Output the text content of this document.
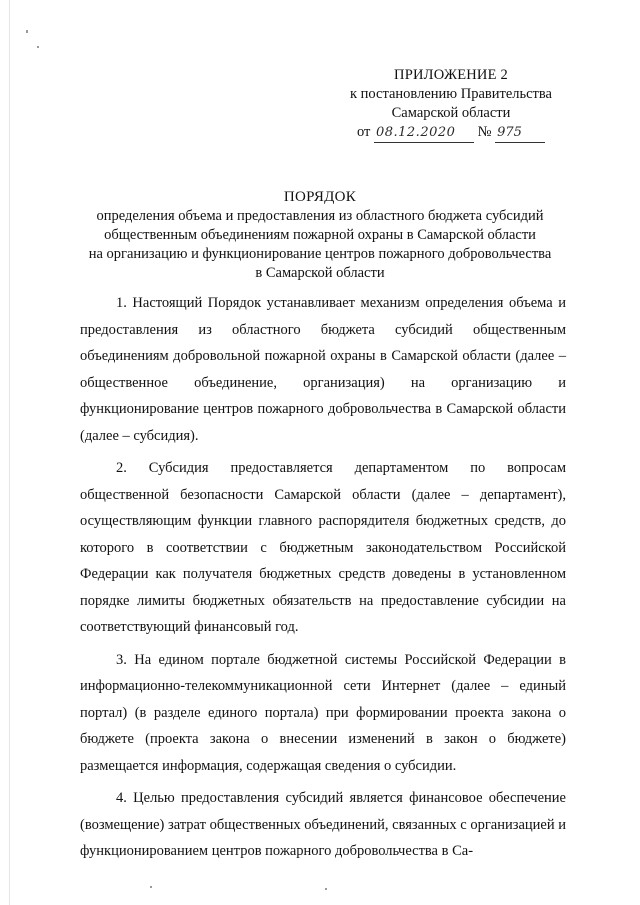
ПРИЛОЖЕНИЕ 2
к постановлению Правительства
Самарской области
от 08.12.2020 № 975
ПОРЯДОК
определения объема и предоставления из областного бюджета субсидий
общественным объединениям пожарной охраны в Самарской области
на организацию и функционирование центров пожарного добровольчества
в Самарской области

1. Настоящий Порядок устанавливает механизм определения объема и предоставления из областного бюджета субсидий общественным объединениям добровольной пожарной охраны в Самарской области (далее – общественное объединение, организация) на организацию и функционирование центров пожарного добровольчества в Самарской области (далее – субсидия).

2. Субсидия предоставляется департаментом по вопросам общественной безопасности Самарской области (далее – департамент), осуществляющим функции главного распорядителя бюджетных средств, до которого в соответствии с бюджетным законодательством Российской Федерации как получателя бюджетных средств доведены в установленном порядке лимиты бюджетных обязательств на предоставление субсидии на соответствующий финансовый год.

3. На едином портале бюджетной системы Российской Федерации в информационно-телекоммуникационной сети Интернет (далее – единый портал) (в разделе единого портала) при формировании проекта закона о бюджете (проекта закона о внесении изменений в закон о бюджете) размещается информация, содержащая сведения о субсидии.

4. Целью предоставления субсидий является финансовое обеспечение (возмещение) затрат общественных объединений, связанных с организацией и функционированием центров пожарного добровольчества в Са-
